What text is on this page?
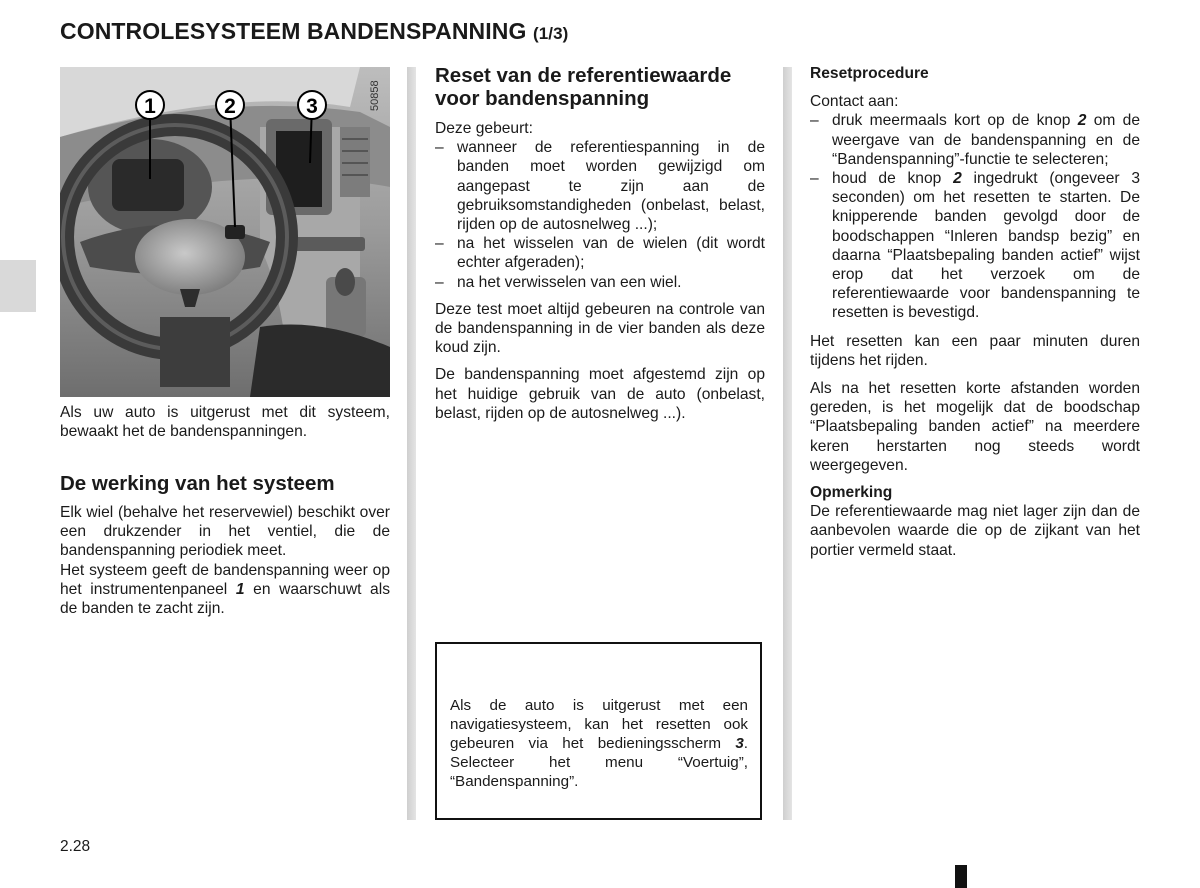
CONTROLESYSTEEM BANDENSPANNING (1/3)
1	2	3	50858
Als uw auto is uitgerust met dit systeem, bewaakt het de bandenspanningen.
De werking van het systeem

Elk wiel (behalve het reservewiel) beschikt over een drukzender in het ventiel, die de bandenspanning periodiek meet.

Het systeem geeft de bandenspanning weer op het instrumentenpaneel 1 en waarschuwt als de banden te zacht zijn.

Reset van de referentiewaarde
voor bandenspanning

Deze gebeurt:

– wanneer de referentiespanning in de banden moet worden gewijzigd om aangepast te zijn aan de gebruiksomstandigheden (onbelast, belast, rijden op de autosnelweg ...);
– na het wisselen van de wielen (dit wordt echter afgeraden);
– na het verwisselen van een wiel.

Deze test moet altijd gebeuren na controle van de bandenspanning in de vier banden als deze koud zijn.

De bandenspanning moet afgestemd zijn op het huidige gebruik van de auto (onbelast, belast, rijden op de autosnelweg ...).

Als de auto is uitgerust met een navigatiesysteem, kan het resetten ook gebeuren via het bedieningsscherm 3. Selecteer het menu “Voertuig”, “Bandenspanning”.
Resetprocedure

Contact aan:

– druk meermaals kort op de knop 2 om de weergave van de bandenspanning en de “Bandenspanning”-functie te selecteren;
– houd de knop 2 ingedrukt (ongeveer 3 seconden) om het resetten te starten. De knipperende banden gevolgd door de boodschappen “Inleren bandsp bezig” en daarna “Plaatsbepaling banden actief” wijst erop dat het verzoek om de referentiewaarde voor bandenspanning te resetten is bevestigd.

Het resetten kan een paar minuten duren tijdens het rijden.

Als na het resetten korte afstanden worden gereden, is het mogelijk dat de boodschap “Plaatsbepaling banden actief” na meerdere keren herstarten nog steeds wordt weergegeven.

Opmerking

De referentiewaarde mag niet lager zijn dan de aanbevolen waarde die op de zijkant van het portier vermeld staat.

2.28
